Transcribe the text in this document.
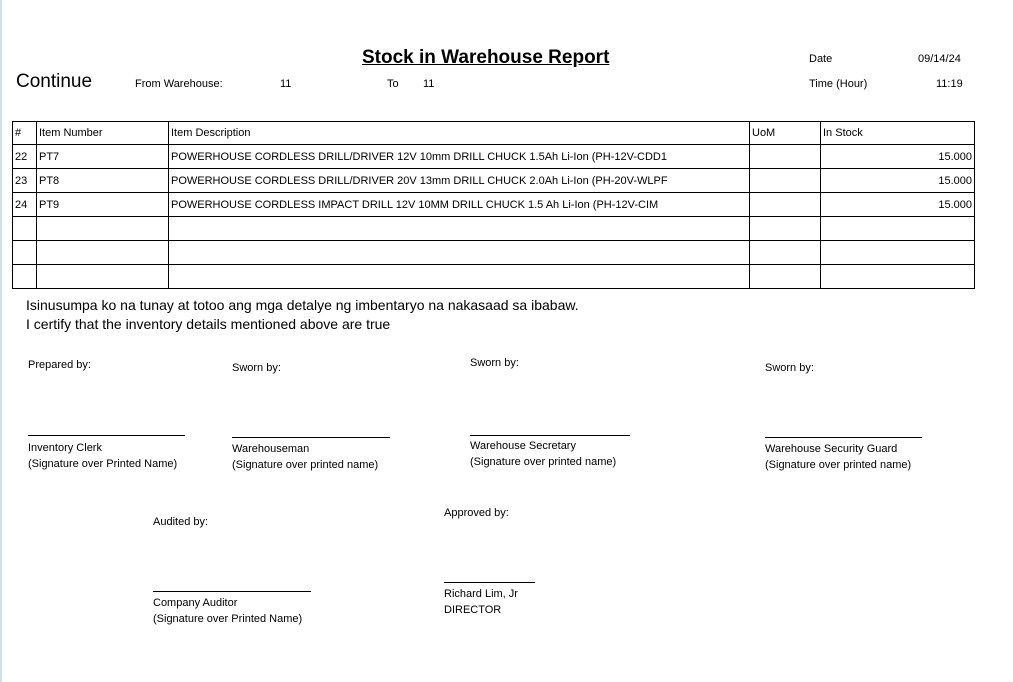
Stock in Warehouse Report
Continue	From Warehouse:	11	To 11
Date	09/14/24
Time (Hour)	11:19
#	Item Number	Item Description	UoM	In Stock
22	PT7	POWERHOUSE CORDLESS DRILL/DRIVER 12V 10mm DRILL CHUCK 1.5Ah Li-Ion (PH-12V-CDD1		15.000
23	PT8	POWERHOUSE CORDLESS DRILL/DRIVER 20V 13mm DRILL CHUCK 2.0Ah Li-Ion (PH-20V-WLPF		15.000
24	PT9	POWERHOUSE CORDLESS IMPACT DRILL 12V 10MM DRILL CHUCK 1.5 Ah Li-Ion (PH-12V-CIM		15.000

Isinusumpa ko na tunay at totoo ang mga detalye ng imbentaryo na nakasaad sa ibabaw.
I certify that the inventory details mentioned above are true
Prepared by:	Sworn by:	Sworn by:	Sworn by:
Inventory Clerk
(Signature over Printed Name)
Warehouseman
(Signature over printed name)
Warehouse Secretary
(Signature over printed name)
Warehouse Security Guard
(Signature over printed name)
Audited by:
Approved by:
Company Auditor
(Signature over Printed Name)
Richard Lim, Jr
DIRECTOR
